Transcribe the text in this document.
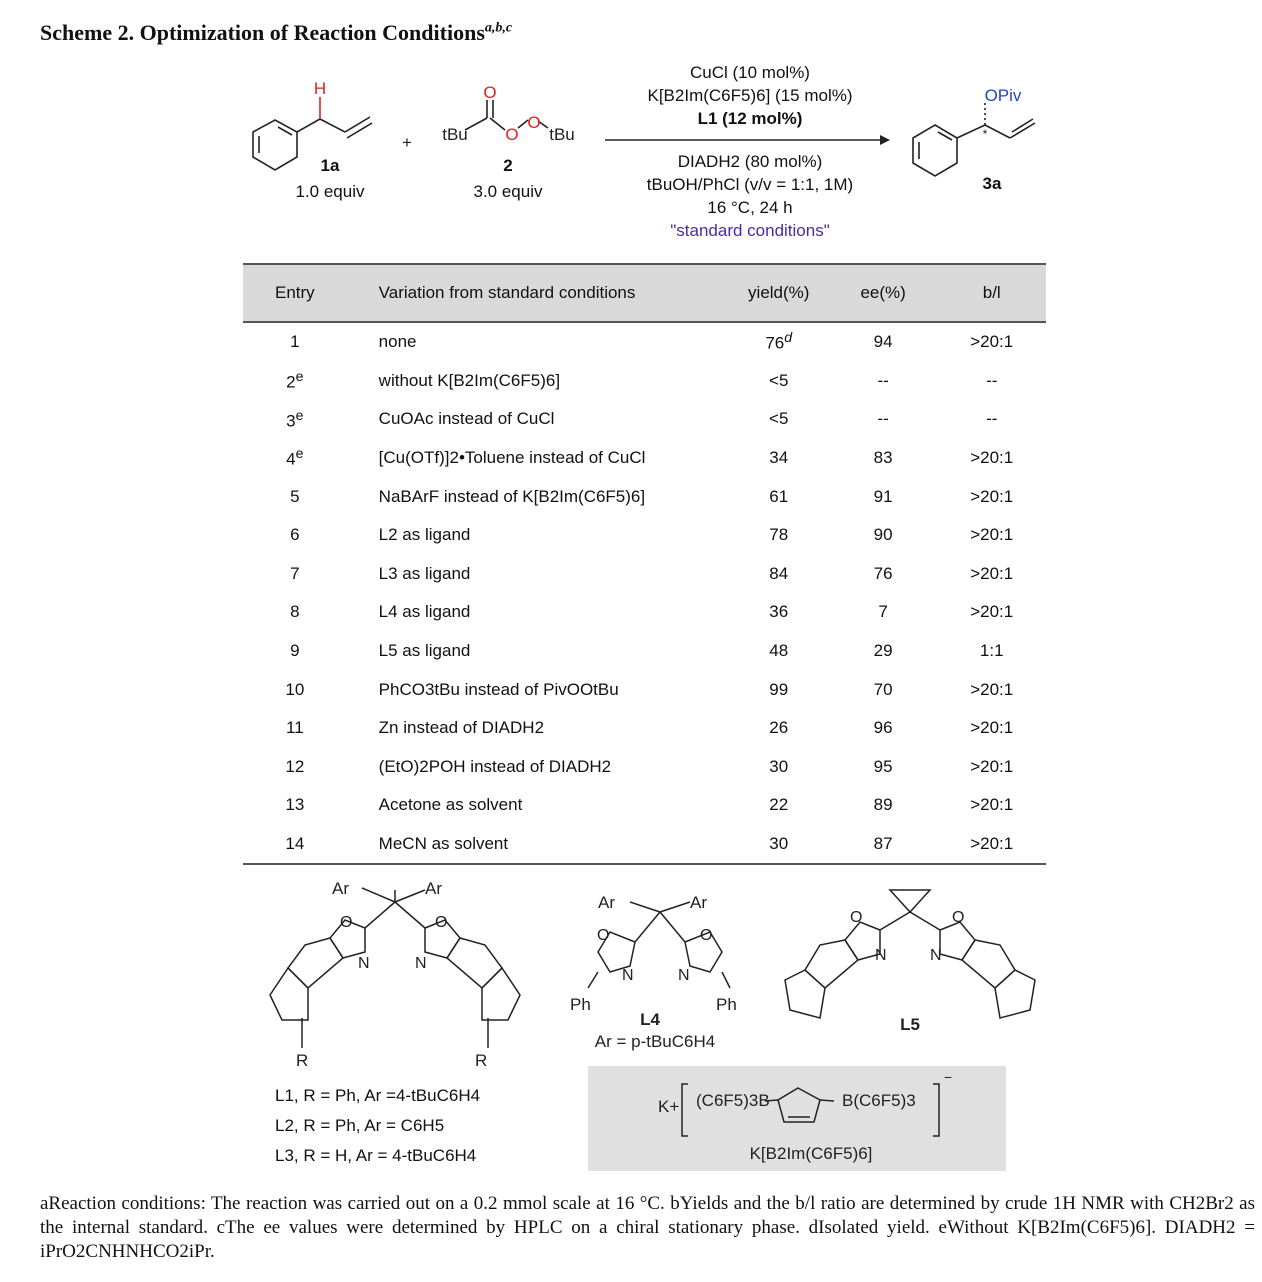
Scheme 2. Optimization of Reaction Conditions$^{a,b,c}$
*
H	O
O
O
tBu	tBu
+
OPiv
1a
1.0 equiv
2
3.0 equiv	3a
CuCl (10 mol%)
K[B2Im(C6F5)6] (15 mol%)
L1 (12 mol%)
DIADH2 (80 mol%)
tBuOH/PhCl (v/v = 1:1, 1M)
16 °C, 24 h
"standard conditions"
Entry	Variation from standard conditions	yield(%)	ee(%)	b/l
1	none	76$^d$	94	>20:1
2e	without K[B2Im(C6F5)6]	<5	--	--
3e	CuOAc instead of CuCl	<5	--	--
4e	[Cu(OTf)]2•Toluene instead of CuCl	34	83	>20:1
5	NaBArF instead of K[B2Im(C6F5)6]	61	91	>20:1
6	L2 as ligand	78	90	>20:1
7	L3 as ligand	84	76	>20:1
8	L4 as ligand	36	7	>20:1
9	L5 as ligand	48	29	1:1
10	PhCO3tBu instead of PivOOtBu	99	70	>20:1
11	Zn instead of DIADH2	26	96	>20:1
12	(EtO)2POH instead of DIADH2	30	95	>20:1
13	Acetone as solvent	22	89	>20:1
14	MeCN as solvent	30	87	>20:1
Ar	Ar
O	O
N	N
R	R
Ar	Ar
O	O
N	N
Ph	Ph
O	O
N	N
L4	L5
Ar = p-tBuC6H4
L1, R = Ph, Ar =4-tBuC6H4
L2, R = Ph, Ar = C6H5
L3, R = H, Ar = 4-tBuC6H4
K+ (C6F5)3B	B(C6F5)3
K[B2Im(C6F5)6]
−
aReaction conditions: The reaction was carried out on a 0.2 mmol scale at 16 °C. bYields and the b/l ratio are determined by crude 1H NMR with CH2Br2 as the internal standard. cThe ee values were determined by HPLC on a chiral stationary phase. dIsolated yield. eWithout K[B2Im(C6F5)6]. DIADH2 = iPrO2CNHNHCO2iPr.
